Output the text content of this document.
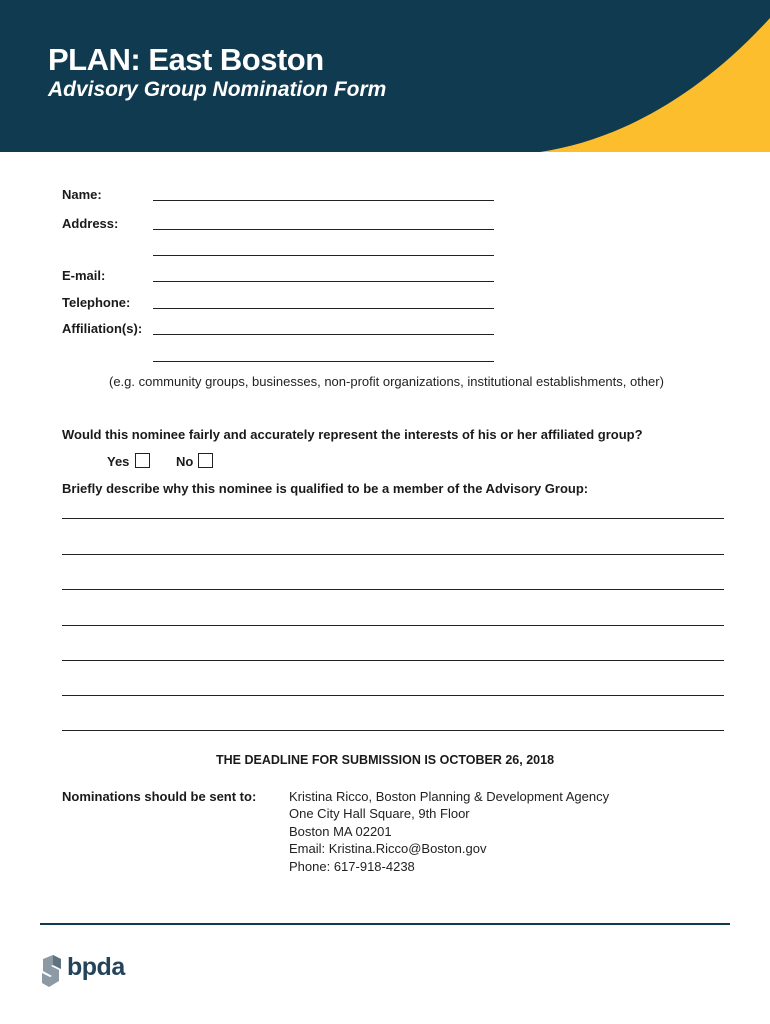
PLAN: East Boston
Advisory Group Nomination Form
Name:
Address:
E-mail:
Telephone:
Affiliation(s):
(e.g. community groups, businesses, non-profit organizations, institutional establishments, other)
Would this nominee fairly and accurately represent the interests of his or her affiliated group?
Yes	No
Briefly describe why this nominee is qualified to be a member of the Advisory Group:
THE DEADLINE FOR SUBMISSION IS OCTOBER 26, 2018
Nominations should be sent to:	Kristina Ricco, Boston Planning & Development Agency
One City Hall Square, 9th Floor
Boston MA 02201
Email: Kristina.Ricco@Boston.gov
Phone: 617-918-4238
bpda
